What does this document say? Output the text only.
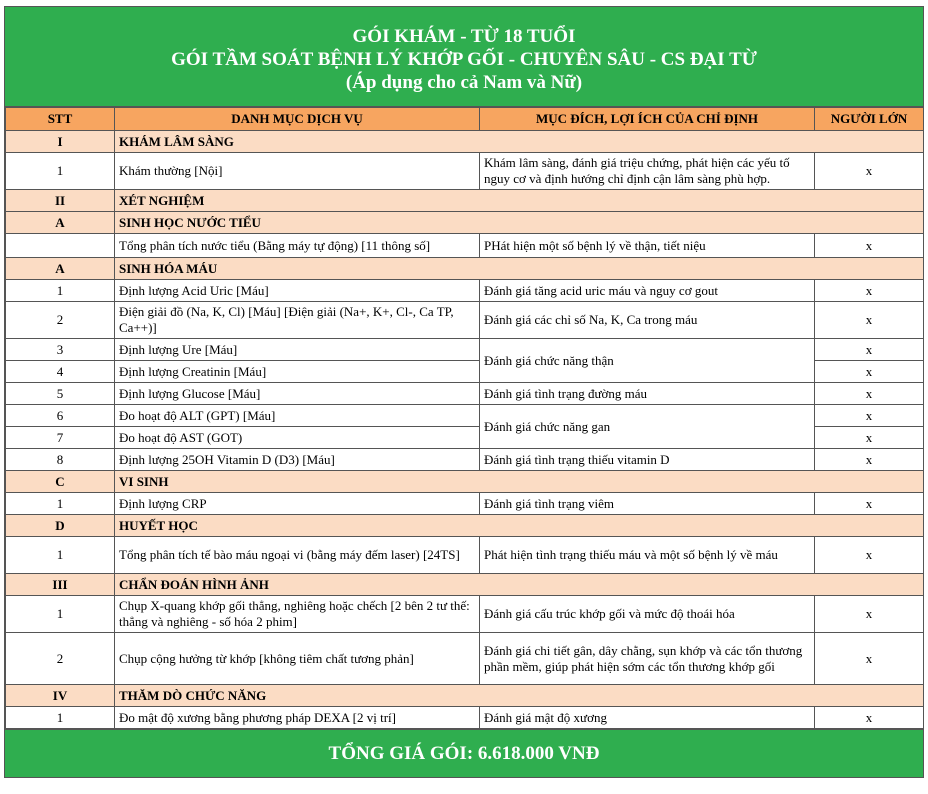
GÓI KHÁM - TỪ 18 TUỔI
GÓI TẦM SOÁT BỆNH LÝ KHỚP GỐI - CHUYÊN SÂU - CS ĐẠI TỪ
(Áp dụng cho cả Nam và Nữ)
STT	DANH MỤC DỊCH VỤ	MỤC ĐÍCH, LỢI ÍCH CỦA CHỈ ĐỊNH	NGƯỜI LỚN
I	KHÁM LÂM SÀNG		
1	Khám thường [Nội]	Khám lâm sàng, đánh giá triệu chứng, phát hiện các yếu tố nguy cơ và định hướng chỉ định cận lâm sàng phù hợp.	x
II	XÉT NGHIỆM		
A	SINH HỌC NƯỚC TIỂU		
	Tổng phân tích nước tiểu (Bằng máy tự động) [11 thông số]	PHát hiện một số bệnh lý về thận, tiết niệu	x
A	SINH HÓA MÁU		
1	Định lượng Acid Uric [Máu]	Đánh giá tăng acid uric máu và nguy cơ gout	x
2	Điện giải đồ (Na, K, Cl) [Máu] [Điện giải (Na+, K+, Cl-, Ca TP, Ca++)]	Đánh giá các chỉ số Na, K, Ca trong máu	x
3	Định lượng Ure [Máu]	Đánh giá chức năng thận	x
4	Định lượng Creatinin [Máu]		x
5	Định lượng Glucose [Máu]	Đánh giá tình trạng đường máu	x
6	Đo hoạt độ ALT (GPT) [Máu]	Đánh giá chức năng gan	x
7	Đo hoạt độ AST (GOT)		x
8	Định lượng 25OH Vitamin D (D3) [Máu]	Đánh giá tình trạng thiếu vitamin D	x
C	VI SINH		
1	Định lượng CRP	Đánh giá tình trạng viêm	x
D	HUYẾT HỌC		
1	Tổng phân tích tế bào máu ngoại vi (bằng máy đếm laser) [24TS]	Phát hiện tình trạng thiếu máu và một số bệnh lý về máu	x
III	CHẨN ĐOÁN HÌNH ẢNH		
1	Chụp X-quang khớp gối thẳng, nghiêng hoặc chếch [2 bên 2 tư thế: thẳng và nghiêng - số hóa 2 phim]	Đánh giá cấu trúc khớp gối và mức độ thoái hóa	x
2	Chụp cộng hưởng từ khớp [không tiêm chất tương phản]	Đánh giá chi tiết gân, dây chằng, sụn khớp và các tổn thương phần mềm, giúp phát hiện sớm các tổn thương khớp gối	x
IV	THĂM DÒ CHỨC NĂNG		
1	Đo mật độ xương bằng phương pháp DEXA [2 vị trí]	Đánh giá mật độ xương	x
TỔNG GIÁ GÓI: 6.618.000 VNĐ
